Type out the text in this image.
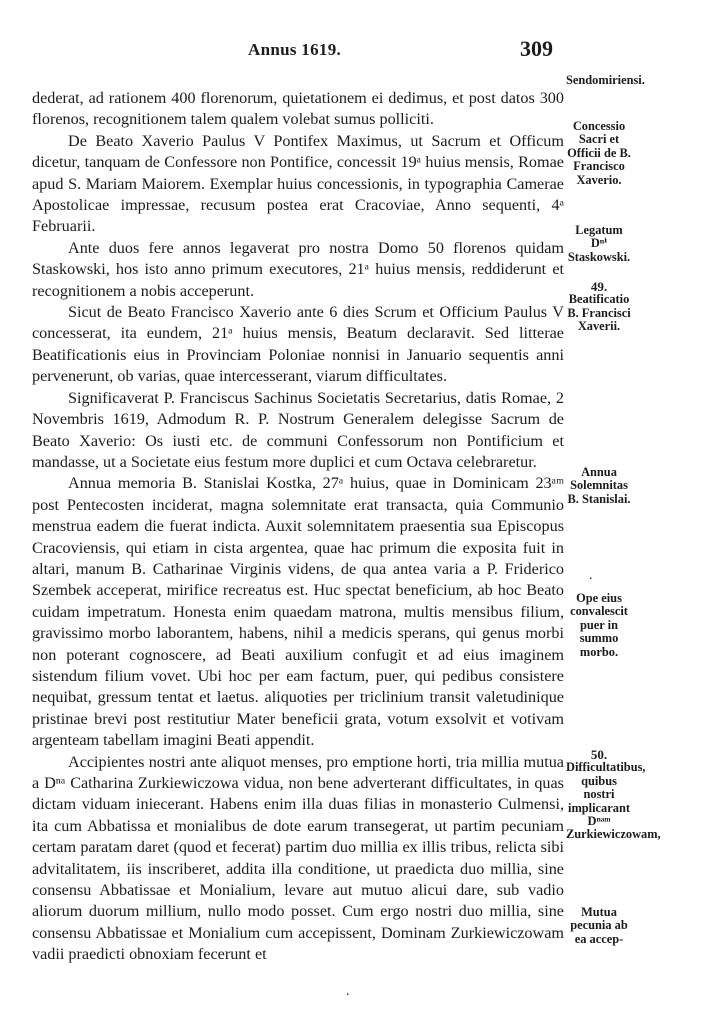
Annus 1619.	309

dederat, ad rationem 400 florenorum, quietationem ei dedimus, et post datos 300 florenos, recognitionem talem qualem volebat sumus polliciti.

De Beato Xaverio Paulus V Pontifex Maximus, ut Sacrum et Officum dicetur, tanquam de Confessore non Pontifice, concessit 19ᵃ huius mensis, Romae apud S. Mariam Maiorem. Exemplar huius concessionis, in typographia Camerae Apostolicae impressae, recusum postea erat Cracoviae, Anno sequenti, 4ᵃ Februarii.

Ante duos fere annos legaverat pro nostra Domo 50 florenos quidam Staskowski, hos isto anno primum executores, 21ᵃ huius mensis, reddiderunt et recognitionem a nobis acceperunt.

Sicut de Beato Francisco Xaverio ante 6 dies Scrum et Officium Paulus V concesserat, ita eundem, 21ᵃ huius mensis, Beatum declaravit. Sed litterae Beatificationis eius in Provinciam Poloniae nonnisi in Januario sequentis anni pervenerunt, ob varias, quae intercesserant, viarum difficultates.

Significaverat P. Franciscus Sachinus Societatis Secretarius, datis Romae, 2 Novembris 1619, Admodum R. P. Nostrum Generalem delegisse Sacrum de Beato Xaverio: Os iusti etc. de communi Confessorum non Pontificium et mandasse, ut a Societate eius festum more duplici et cum Octava celebraretur.

Annua memoria B. Stanislai Kostka, 27ᵃ huius, quae in Dominicam 23ᵃᵐ post Pentecosten inciderat, magna solemnitate erat transacta, quia Communio menstrua eadem die fuerat indicta. Auxit solemnitatem praesentia sua Episcopus Cracoviensis, qui etiam in cista argentea, quae hac primum die exposita fuit in altari, manum B. Catharinae Virginis videns, de qua antea varia a P. Friderico Szembek acceperat, mirifice recreatus est. Huc spectat beneficium, ab hoc Beato cuidam impetratum. Honesta enim quaedam matrona, multis mensibus filium, gravissimo morbo laborantem, habens, nihil a medicis sperans, qui genus morbi non poterant cognoscere, ad Beati auxilium confugit et ad eius imaginem sistendum filium vovet. Ubi hoc per eam factum, puer, qui pedibus consistere nequibat, gressum tentat et laetus. aliquoties per triclinium transit valetudinique pristinae brevi post restitutiur Mater beneficii grata, votum exsolvit et votivam argenteam tabellam imagini Beati appendit.

Accipientes nostri ante aliquot menses, pro emptione horti, tria millia mutua a Dⁿᵃ Catharina Zurkiewiczowa vidua, non bene adverterant difficultates, in quas dictam viduam iniecerant. Habens enim illa duas filias in monasterio Culmensi, ita cum Abbatissa et monialibus de dote earum transegerat, ut partim pecuniam certam paratam daret (quod et fecerat) partim duo millia ex illis tribus, relicta sibi advitalitatem, iis inscriberet, addita illa conditione, ut praedicta duo millia, sine consensu Abbatissae et Monialium, levare aut mutuo alicui dare, sub vadio aliorum duorum millium, nullo modo posset. Cum ergo nostri duo millia, sine consensu Abbatissae et Monialium cum accepissent, Dominam Zurkiewiczowam vadii praedicti obnoxiam fecerunt et

Sendomiriensi.
Concessio Sacri et Officii de B. Francisco Xaverio.
Legatum Dⁿⁱ Staskowski.
49.
Beatificatio B. Francisci Xaverii.
Annua Solemnitas B. Stanislai.
Ope eius convalescit puer in summo morbo.
50.
Difficultatibus, quibus nostri implicarant Dⁿᵃᵐ Zurkiewiczowam,
Mutua pecunia ab ea accep-
.
.
